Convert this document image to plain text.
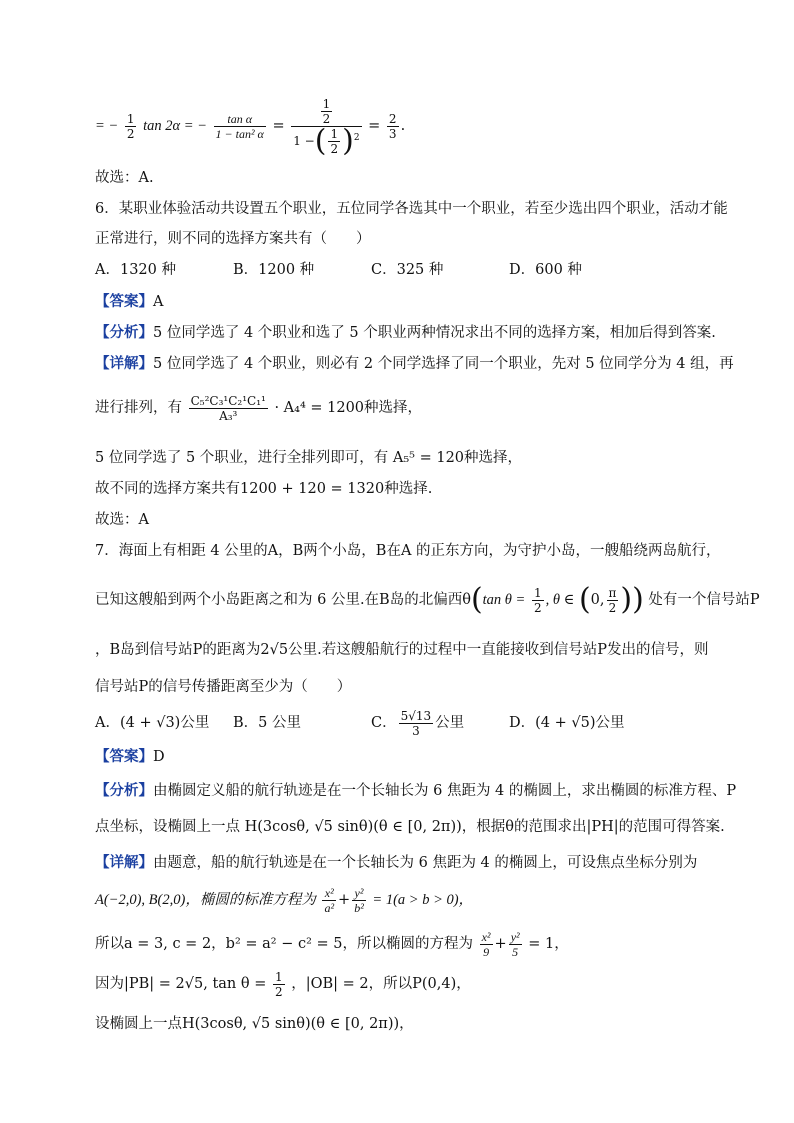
= − $\frac{1}{2}$ tan 2α = − $\frac{\text{tan α}}{\text{1 − tan² α}} = \frac{\frac{1}{2}}{1 -( \frac{1}{2} )^2} = \frac{2}{3}$ .
故选：A.
6．某职业体验活动共设置五个职业，五位同学各选其中一个职业，若至少选出四个职业，活动才能
正常进行，则不同的选择方案共有（　　）
A．1320 种	B．1200 种	C．325 种	D．600 种
【答案】A
【分析】5 位同学选了 4 个职业和选了 5 个职业两种情况求出不同的选择方案，相加后得到答案.
【详解】5 位同学选了 4 个职业，则必有 2 个同学选择了同一个职业，先对 5 位同学分为 4 组，再
进行排列，有 $\frac{\text{C₅²C₃¹C₂¹C₁¹}}{\text{A₃³}} \cdot A_4^4 = 1200$种选择，
5 位同学选了 5 个职业，进行全排列即可，有 A₅⁵ = 120种选择，
故不同的选择方案共有1200 + 120 = 1320种选择.
故选：A
7．海面上有相距 4 公里的A，B两个小岛，B在A 的正东方向，为守护小岛，一艘船绕两岛航行，
已知这艘船到两个小岛距离之和为 6 公里.在B岛的北偏西θ(tan $\theta = \frac{1}{2}$ , θ ∈ (0, $\frac{\pi}{2}$ )) 处有一个信号站P
，B岛到信号站P的距离为2√5公里.若这艘船航行的过程中一直能接收到信号站P发出的信号，则
信号站P的信号传播距离至少为（　　）
A．(4 + √3)公里 B．5 公里	C． $\frac{5√13}{3}$ 公里	D．(4 + √5)公里
【答案】D
【分析】由椭圆定义船的航行轨迹是在一个长轴长为 6 焦距为 4 的椭圆上，求出椭圆的标准方程、P
点坐标，设椭圆上一点 H(3cosθ, √5 sinθ)(θ ∈ [0, 2π))，根据θ的范围求出|PH|的范围可得答案.
【详解】由题意，船的航行轨迹是在一个长轴长为 6 焦距为 4 的椭圆上，可设焦点坐标分别为
A(−2,0), B(2,0)，椭圆的标准方程为 $\frac{\text{x²}}{\text{a²}} + \frac{\text{y²}}{\text{b²}} = 1(a > b > 0)$，
所以a = 3, c = 2，b² = a² − c² = 5，所以椭圆的方程为 $\frac{\text{x²}}{9} + \frac{\text{y²}}{5} = 1$，
因为|PB| = 2√5, $\tan \theta = \frac{1}{2}$ ，|OB| = 2，所以P(0,4)，
设椭圆上一点H(3cosθ, √5 sinθ)(θ ∈ [0, 2π))，
